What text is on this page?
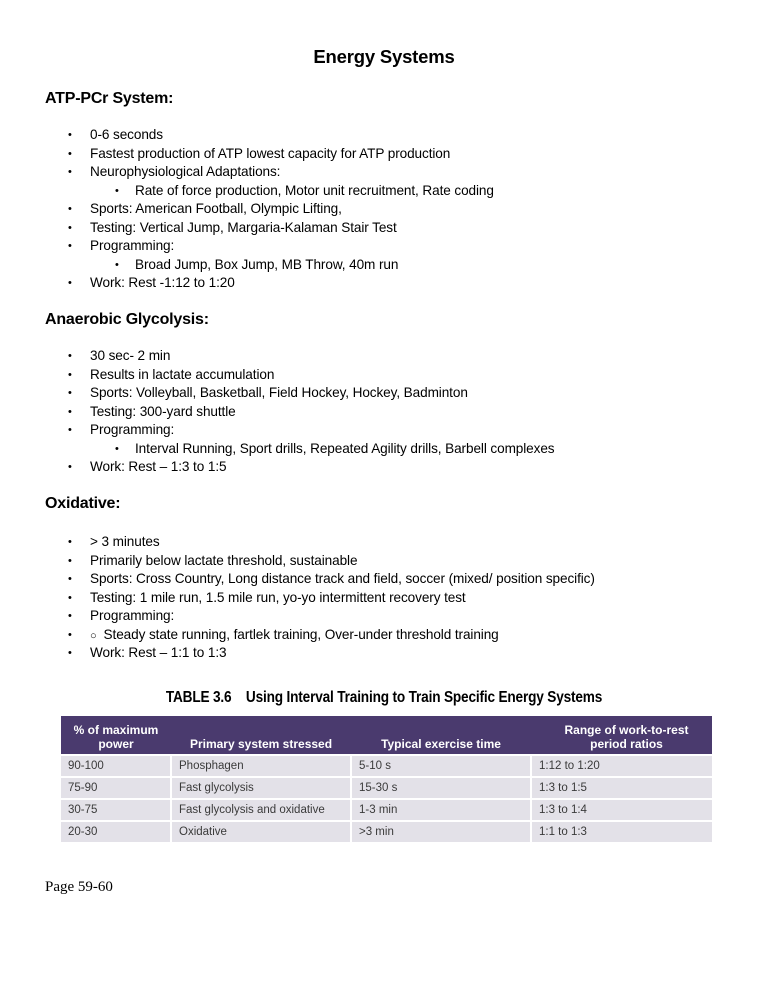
Energy Systems
ATP-PCr System:
• 0-6 seconds
• Fastest production of ATP lowest capacity for ATP production
• Neurophysiological Adaptations:
• Rate of force production, Motor unit recruitment, Rate coding
• Sports: American Football, Olympic Lifting,
• Testing: Vertical Jump, Margaria-Kalaman Stair Test
• Programming:
• Broad Jump, Box Jump, MB Throw, 40m run
• Work: Rest -1:12 to 1:20
Anaerobic Glycolysis:
• 30 sec- 2 min
• Results in lactate accumulation
• Sports: Volleyball, Basketball, Field Hockey, Hockey, Badminton
• Testing: 300-yard shuttle
• Programming:
• Interval Running, Sport drills, Repeated Agility drills, Barbell complexes
• Work: Rest – 1:3 to 1:5
Oxidative:
• > 3 minutes
• Primarily below lactate threshold, sustainable
• Sports: Cross Country, Long distance track and field, soccer (mixed/ position specific)
• Testing: 1 mile run, 1.5 mile run, yo-yo intermittent recovery test
• Programming:
• ○ Steady state running, fartlek training, Over-under threshold training
• Work: Rest – 1:1 to 1:3
TABLE 3.6    Using Interval Training to Train Specific Energy Systems
% of maximum power	Primary system stressed	Typical exercise time	Range of work-to-rest period ratios
90-100	Phosphagen	5-10 s	1:12 to 1:20
75-90	Fast glycolysis	15-30 s	1:3 to 1:5
30-75	Fast glycolysis and oxidative	1-3 min	1:3 to 1:4
20-30	Oxidative	>3 min	1:1 to 1:3
Page 59-60
